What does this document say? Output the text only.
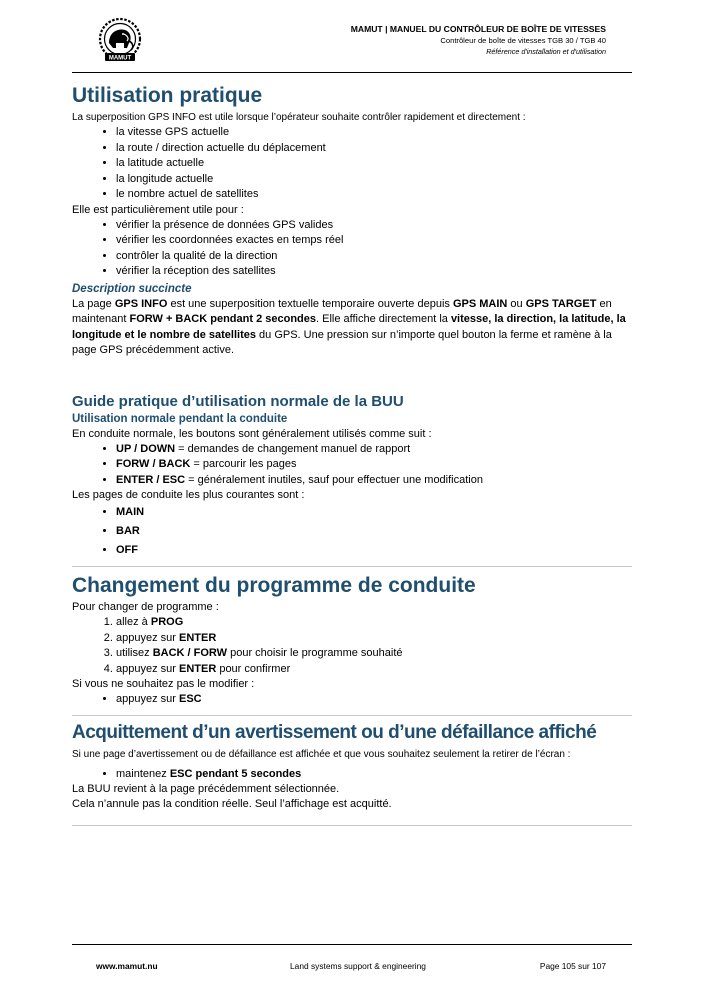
MAMUT
MAMUT | MANUEL DU CONTRÔLEUR DE BOÎTE DE VITESSES
Contrôleur de boîte de vitesses TGB 30 / TGB 40
Référence d'installation et d'utilisation
Utilisation pratique

La superposition GPS INFO est utile lorsque l’opérateur souhaite contrôler rapidement et directement :

• la vitesse GPS actuelle
• la route / direction actuelle du déplacement
• la latitude actuelle
• la longitude actuelle
• le nombre actuel de satellites

Elle est particulièrement utile pour :

• vérifier la présence de données GPS valides
• vérifier les coordonnées exactes en temps réel
• contrôler la qualité de la direction
• vérifier la réception des satellites
Description succincte

La page GPS INFO est une superposition textuelle temporaire ouverte depuis GPS MAIN ou GPS TARGET en maintenant FORW + BACK pendant 2 secondes. Elle affiche directement la vitesse, la direction, la latitude, la longitude et le nombre de satellites du GPS. Une pression sur n’importe quel bouton la ferme et ramène à la page GPS précédemment active.

Guide pratique d’utilisation normale de la BUU
Utilisation normale pendant la conduite

En conduite normale, les boutons sont généralement utilisés comme suit :

• UP / DOWN = demandes de changement manuel de rapport
• FORW / BACK = parcourir les pages
• ENTER / ESC = généralement inutiles, sauf pour effectuer une modification

Les pages de conduite les plus courantes sont :

• MAIN
• BAR
• OFF
Changement du programme de conduite

Pour changer de programme :

1. allez à PROG
2. appuyez sur ENTER
3. utilisez BACK / FORW pour choisir le programme souhaité
4. appuyez sur ENTER pour confirmer

Si vous ne souhaitez pas le modifier :

• appuyez sur ESC
Acquittement d’un avertissement ou d’une défaillance affiché

Si une page d’avertissement ou de défaillance est affichée et que vous souhaitez seulement la retirer de l’écran :

• maintenez ESC pendant 5 secondes

La BUU revient à la page précédemment sélectionnée.

Cela n’annule pas la condition réelle. Seul l’affichage est acquitté.

www.mamut.nu	Land systems support & engineering	Page 105 sur 107
